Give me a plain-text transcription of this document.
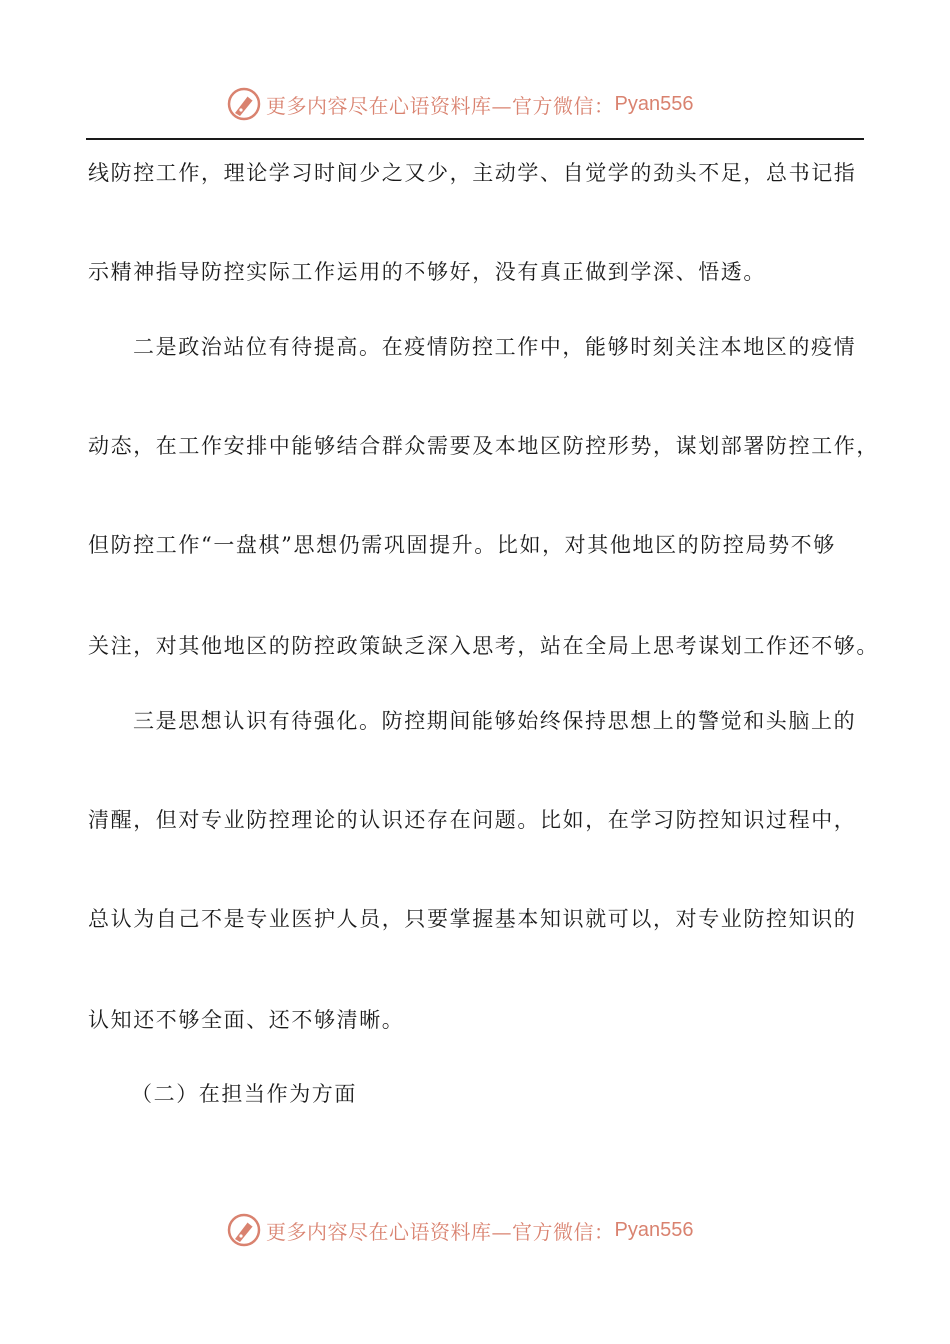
更多内容尽在心语资料库—官方微信： Pyan556
线防控工作，理论学习时间少之又少，主动学、自觉学的劲头不足，总书记指
示精神指导防控实际工作运用的不够好，没有真正做到学深、悟透。
二是政治站位有待提高。在疫情防控工作中，能够时刻关注本地区的疫情
动态，在工作安排中能够结合群众需要及本地区防控形势，谋划部署防控工作，
但防控工作“一盘棋”思想仍需巩固提升。比如，对其他地区的防控局势不够
关注，对其他地区的防控政策缺乏深入思考，站在全局上思考谋划工作还不够。
三是思想认识有待强化。防控期间能够始终保持思想上的警觉和头脑上的
清醒，但对专业防控理论的认识还存在问题。比如，在学习防控知识过程中，
总认为自己不是专业医护人员，只要掌握基本知识就可以，对专业防控知识的
认知还不够全面、还不够清晰。
（二）在担当作为方面
更多内容尽在心语资料库—官方微信： Pyan556
